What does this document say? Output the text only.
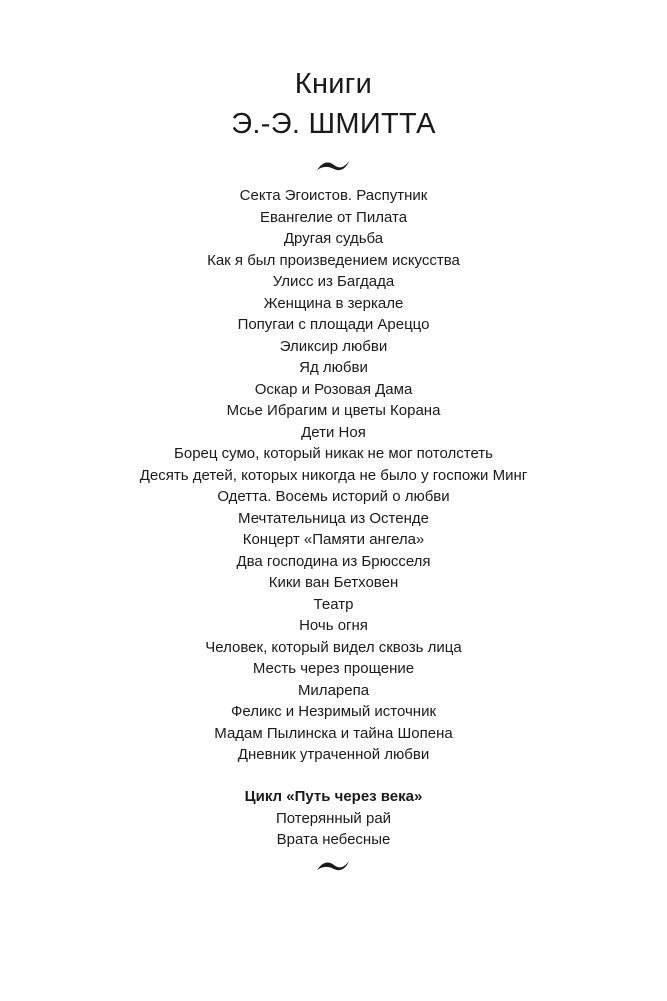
Книги
Э.-Э. ШМИТТА
Секта Эгоистов. Распутник
Евангелие от Пилата
Другая судьба
Как я был произведением искусства
Улисс из Багдада
Женщина в зеркале
Попугаи с площади Ареццо
Эликсир любви
Яд любви
Оскар и Розовая Дама
Мсье Ибрагим и цветы Корана
Дети Ноя
Борец сумо, который никак не мог потолстеть
Десять детей, которых никогда не было у госпожи Минг
Одетта. Восемь историй о любви
Мечтательница из Остенде
Концерт «Памяти ангела»
Два господина из Брюсселя
Кики ван Бетховен
Театр
Ночь огня
Человек, который видел сквозь лица
Месть через прощение
Миларепа
Феликс и Незримый источник
Мадам Пылинска и тайна Шопена
Дневник утраченной любви
Цикл «Путь через века»
Потерянный рай
Врата небесные
